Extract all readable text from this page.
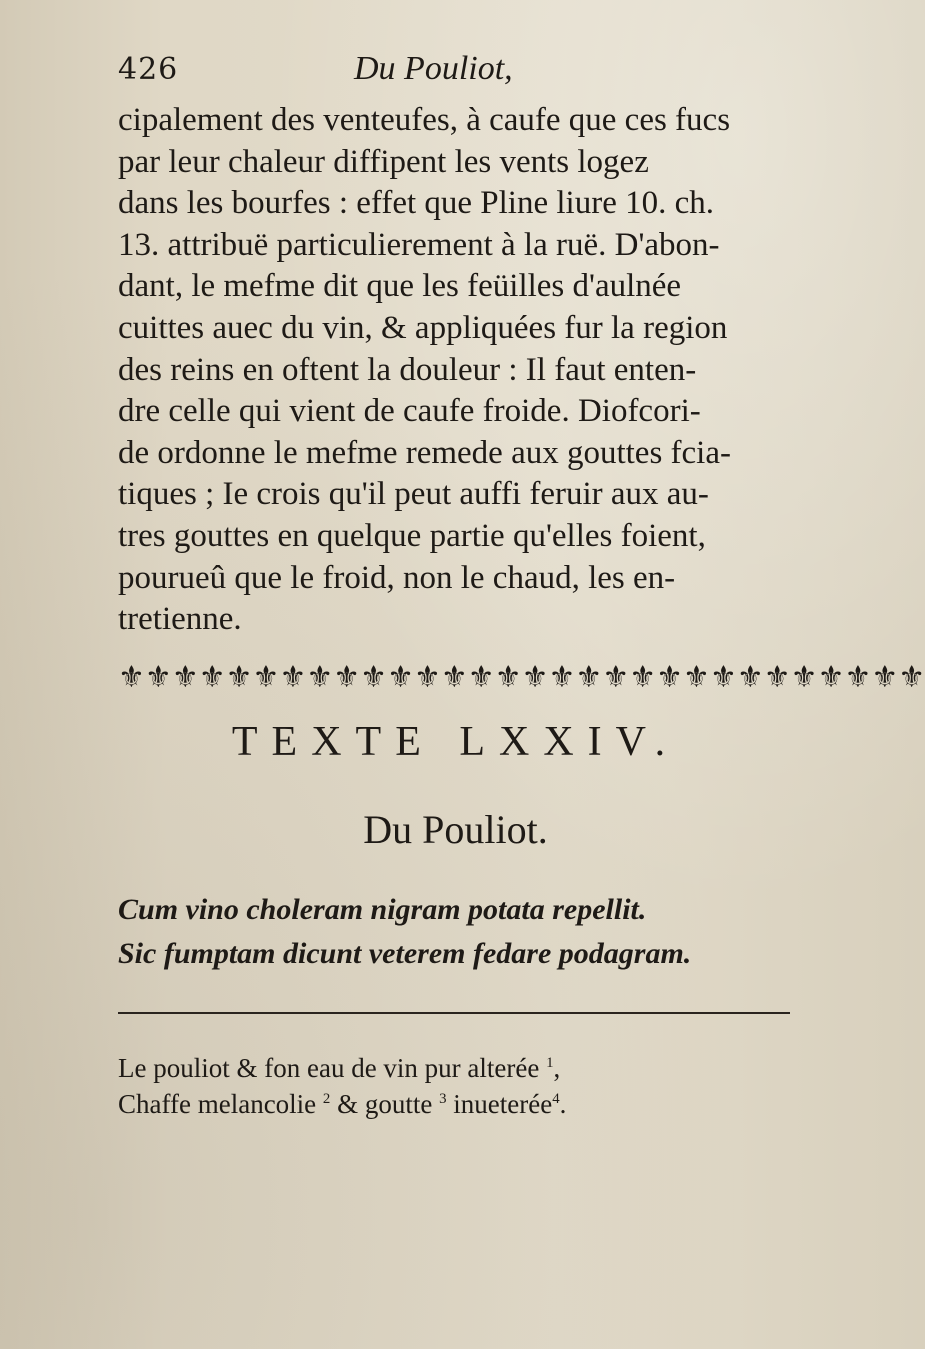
426	Du Pouliot,
cipalement des venteufes, à caufe que ces fucs
par leur chaleur diffipent les vents logez
dans les bourfes : effet que Pline liure 10. ch.
13. attribuë particulierement à la ruë. D'abon-
dant, le mefme dit que les feüilles d'aulnée
cuittes auec du vin, & appliquées fur la region
des reins en oftent la douleur : Il faut enten-
dre celle qui vient de caufe froide. Diofcori-
de ordonne le mefme remede aux gouttes fcia-
tiques ; Ie crois qu'il peut auffi feruir aux au-
tres gouttes en quelque partie qu'elles foient,
pourueû que le froid, non le chaud, les en-
tretienne.
⚜ ⚜ ⚜ ⚜ ⚜ ⚜ ⚜ ⚜ ⚜ ⚜ ⚜ ⚜ ⚜ ⚜ ⚜ ⚜ ⚜ ⚜ ⚜ ⚜ ⚜ ⚜ ⚜ ⚜ ⚜ ⚜ ⚜ ⚜ ⚜ ⚜
TEXTE LXXIV.
Du Pouliot.
Cum vino choleram nigram potata repellit.
Sic fumptam dicunt veterem fedare podagram.
Le pouliot & fon eau de vin pur alterée $^1$,
Chaffe melancolie $^2$ & goutte $^3$ inueterée$^4$.
